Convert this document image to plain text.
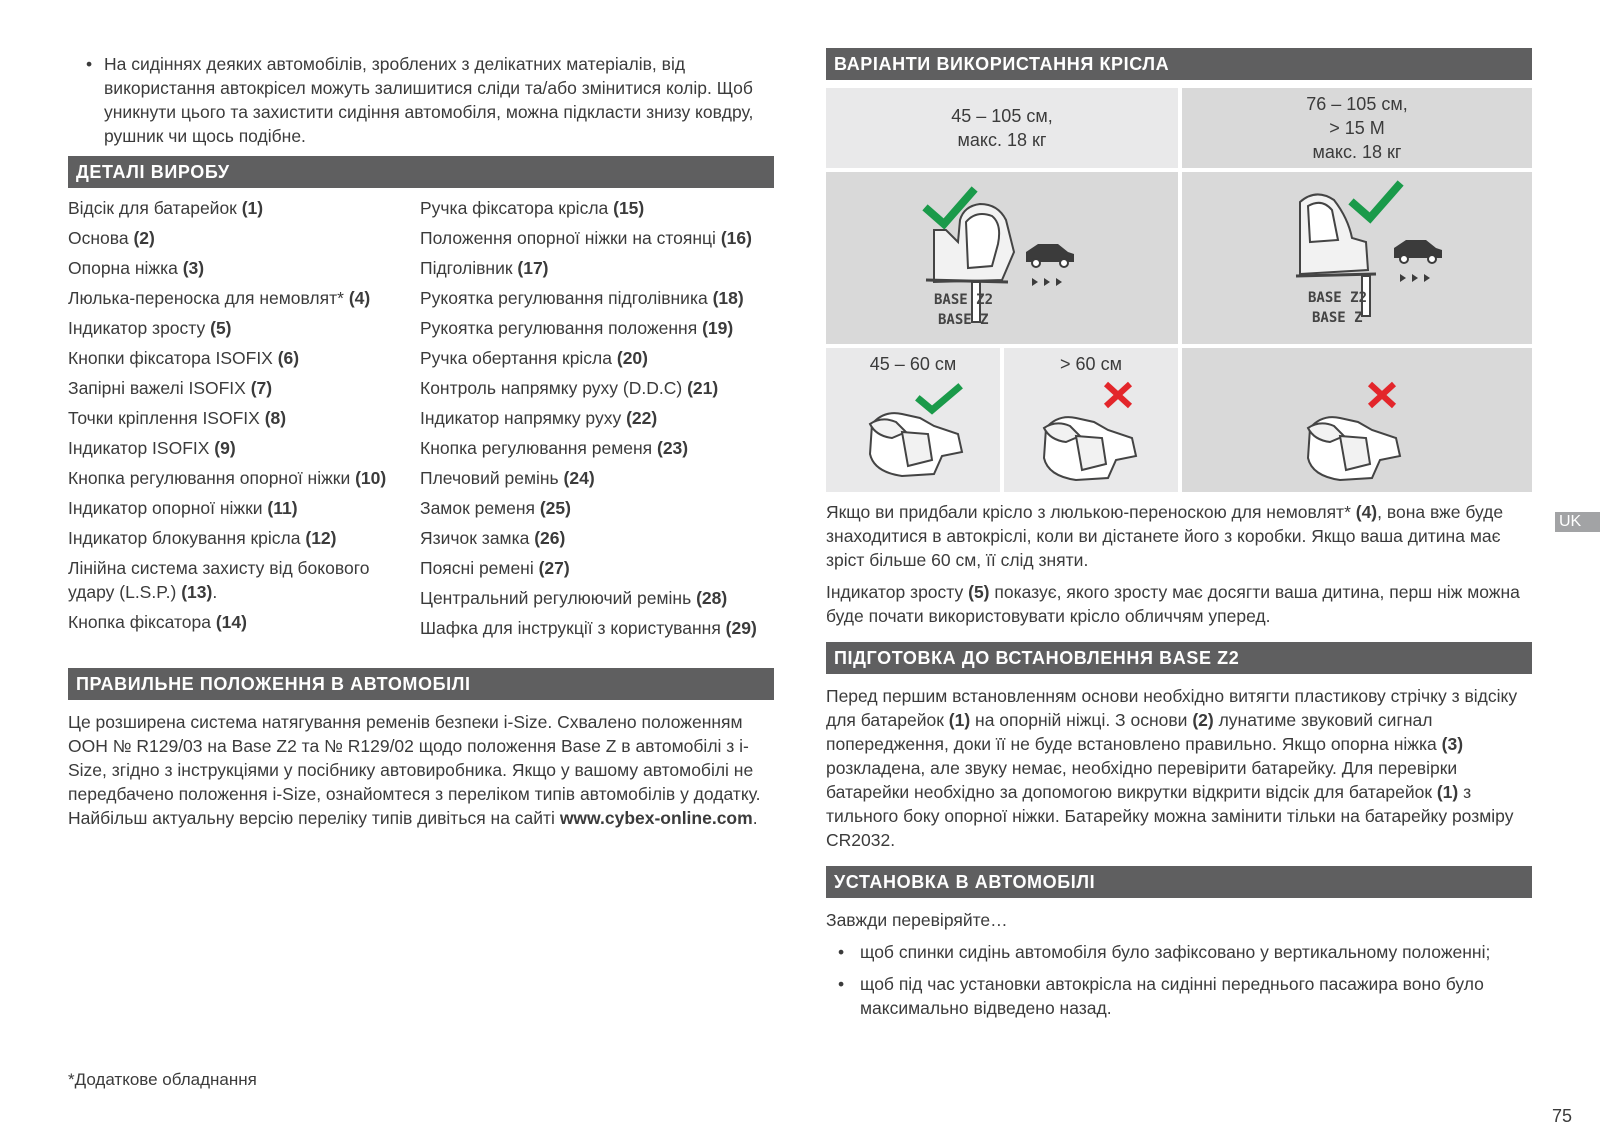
• На сидіннях деяких автомобілів, зроблених з делікатних матеріалів, від використання автокрісел можуть залишитися сліди та/або змінитися колір. Щоб уникнути цього та захистити сидіння автомобіля, можна підкласти знизу ковдру, рушник чи щось подібне.
ДЕТАЛІ ВИРОБУ
Відсік для батарейок (1)
Основа (2)
Опорна ніжка (3)
Люлька-переноска для немовлят* (4)
Індикатор зросту (5)
Кнопки фіксатора ISOFIX (6)
Запірні важелі ISOFIX (7)
Точки кріплення ISOFIX (8)
Індикатор ISOFIX (9)
Кнопка регулювання опорної ніжки (10)
Індикатор опорної ніжки (11)
Індикатор блокування крісла (12)
Лінійна система захисту від бокового удару (L.S.P.) (13).
Кнопка фіксатора (14)
Ручка фіксатора крісла (15)
Положення опорної ніжки на стоянці (16)
Підголівник (17)
Рукоятка регулювання підголівника (18)
Рукоятка регулювання положення (19)
Ручка обертання крісла (20)
Контроль напрямку руху (D.D.C) (21)
Індикатор напрямку руху (22)
Кнопка регулювання ременя (23)
Плечовий ремінь (24)
Замок ременя (25)
Язичок замка (26)
Поясні ремені (27)
Центральний регулюючий ремінь (28)
Шафка для інструкції з користування (29)
ПРАВИЛЬНЕ ПОЛОЖЕННЯ В АВТОМОБІЛІ
Це розширена система натягування ременів безпеки i-Size. Схвалено положенням ООН № R129/03 на Base Z2 та № R129/02 щодо положення Base Z в автомобілі з i-Size, згідно з інструкціями у посібнику автовиробника. Якщо у вашому автомобілі не передбачено положення i-Size, ознайомтеся з переліком типів автомобілів у додатку. Найбільш актуальну версію переліку типів дивіться на сайті www.cybex-online.com.
ВАРІАНТИ ВИКОРИСТАННЯ КРІСЛА
45 – 105 см,
макс. 18 кг
76 – 105 см,
> 15 M
макс. 18 кг
BASE Z2
BASE Z
BASE Z2
BASE Z
45 – 60 см	> 60 см
Якщо ви придбали крісло з люлькою-переноскою для немовлят* (4), вона вже буде знаходитися в автокріслі, коли ви дістанете його з коробки. Якщо ваша дитина має зріст більше 60 см, її слід зняти.
Індикатор зросту (5) показує, якого зросту має досягти ваша дитина, перш ніж можна буде почати використовувати крісло обличчям уперед.
ПІДГОТОВКА ДО ВСТАНОВЛЕННЯ BASE Z2
Перед першим встановленням основи необхідно витягти пластикову стрічку з відсіку для батарейок (1) на опорній ніжці. З основи (2) лунатиме звуковий сигнал попередження, доки її не буде встановлено правильно. Якщо опорна ніжка (3) розкладена, але звуку немає, необхідно перевірити батарейку. Для перевірки батарейки необхідно за допомогою викрутки відкрити відсік для батарейок (1) з тильного боку опорної ніжки. Батарейку можна замінити тільки на батарейку розміру CR2032.
УСТАНОВКА В АВТОМОБІЛІ
Завжди перевіряйте…
• щоб спинки сидінь автомобіля було зафіксовано у вертикальному положенні;
• щоб під час установки автокрісла на сидінні переднього пасажира воно було максимально відведено назад.
*Додаткове обладнання
UK
75
